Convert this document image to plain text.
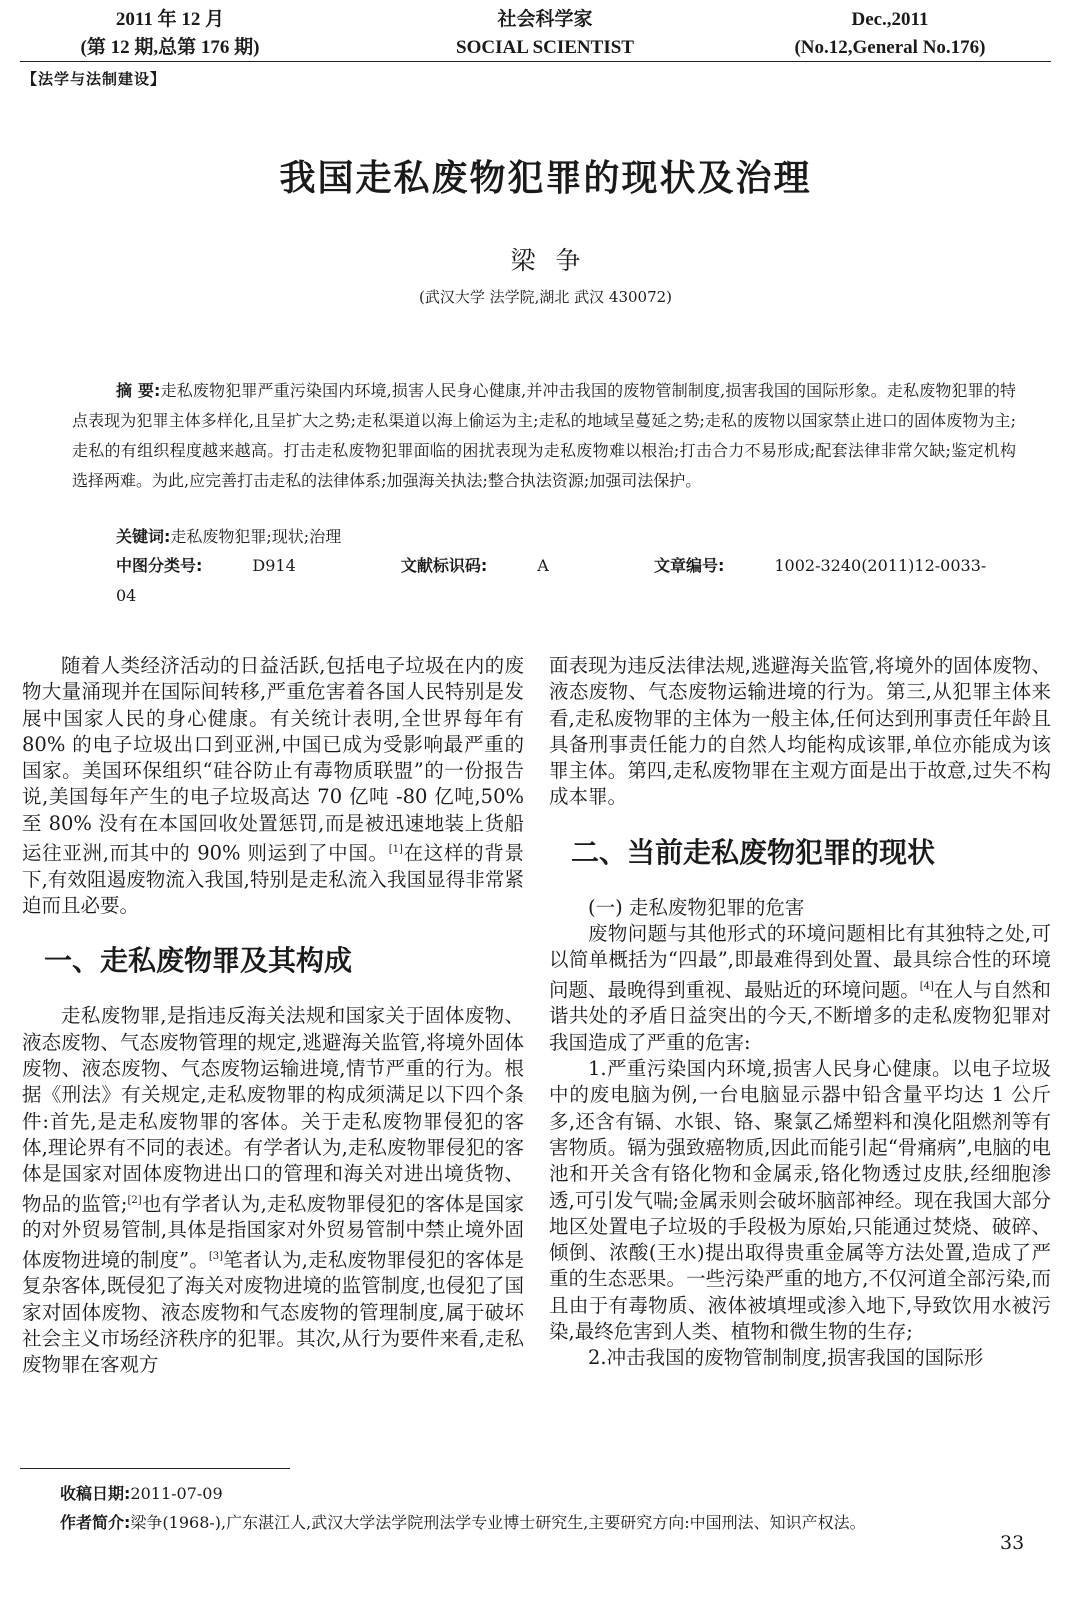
2011 年 12 月
(第 12 期,总第 176 期)
社会科学家
SOCIAL SCIENTIST
Dec.,2011
(No.12,General No.176)
【法学与法制建设】
我国走私废物犯罪的现状及治理
梁争
(武汉大学 法学院,湖北 武汉 430072)
摘 要:走私废物犯罪严重污染国内环境,损害人民身心健康,并冲击我国的废物管制制度,损害我国的国际形象。走私废物犯罪的特点表现为犯罪主体多样化,且呈扩大之势;走私渠道以海上偷运为主;走私的地域呈蔓延之势;走私的废物以国家禁止进口的固体废物为主;走私的有组织程度越来越高。打击走私废物犯罪面临的困扰表现为走私废物难以根治;打击合力不易形成;配套法律非常欠缺;鉴定机构选择两难。为此,应完善打击走私的法律体系;加强海关执法;整合执法资源;加强司法保护。
关键词:走私废物犯罪;现状;治理
中图分类号:	D914	文献标识码:	A	文章编号:	1002-3240(2011)12-0033-04

随着人类经济活动的日益活跃,包括电子垃圾在内的废物大量涌现并在国际间转移,严重危害着各国人民特别是发展中国家人民的身心健康。有关统计表明,全世界每年有 80% 的电子垃圾出口到亚洲,中国已成为受影响最严重的国家。美国环保组织“硅谷防止有毒物质联盟”的一份报告说,美国每年产生的电子垃圾高达 70 亿吨 -80 亿吨,50% 至 80% 没有在本国回收处置惩罚,而是被迅速地装上货船运往亚洲,而其中的 90% 则运到了中国。[1]在这样的背景下,有效阻遏废物流入我国,特别是走私流入我国显得非常紧迫而且必要。

一、走私废物罪及其构成

走私废物罪,是指违反海关法规和国家关于固体废物、液态废物、气态废物管理的规定,逃避海关监管,将境外固体废物、液态废物、气态废物运输进境,情节严重的行为。根据《刑法》有关规定,走私废物罪的构成须满足以下四个条件:首先,是走私废物罪的客体。关于走私废物罪侵犯的客体,理论界有不同的表述。有学者认为,走私废物罪侵犯的客体是国家对固体废物进出口的管理和海关对进出境货物、物品的监管;[2]也有学者认为,走私废物罪侵犯的客体是国家的对外贸易管制,具体是指国家对外贸易管制中禁止境外固体废物进境的制度”。[3]笔者认为,走私废物罪侵犯的客体是复杂客体,既侵犯了海关对废物进境的监管制度,也侵犯了国家对固体废物、液态废物和气态废物的管理制度,属于破坏社会主义市场经济秩序的犯罪。其次,从行为要件来看,走私废物罪在客观方

面表现为违反法律法规,逃避海关监管,将境外的固体废物、液态废物、气态废物运输进境的行为。第三,从犯罪主体来看,走私废物罪的主体为一般主体,任何达到刑事责任年龄且具备刑事责任能力的自然人均能构成该罪,单位亦能成为该罪主体。第四,走私废物罪在主观方面是出于故意,过失不构成本罪。

二、当前走私废物犯罪的现状

(一) 走私废物犯罪的危害

废物问题与其他形式的环境问题相比有其独特之处,可以简单概括为“四最”,即最难得到处置、最具综合性的环境问题、最晚得到重视、最贴近的环境问题。[4]在人与自然和谐共处的矛盾日益突出的今天,不断增多的走私废物犯罪对我国造成了严重的危害:

1.严重污染国内环境,损害人民身心健康。以电子垃圾中的废电脑为例,一台电脑显示器中铅含量平均达 1 公斤多,还含有镉、水银、铬、聚氯乙烯塑料和溴化阻燃剂等有害物质。镉为强致癌物质,因此而能引起“骨痛病”,电脑的电池和开关含有铬化物和金属汞,铬化物透过皮肤,经细胞渗透,可引发气喘;金属汞则会破坏脑部神经。现在我国大部分地区处置电子垃圾的手段极为原始,只能通过焚烧、破碎、倾倒、浓酸(王水)提出取得贵重金属等方法处置,造成了严重的生态恶果。一些污染严重的地方,不仅河道全部污染,而且由于有毒物质、液体被填埋或渗入地下,导致饮用水被污染,最终危害到人类、植物和微生物的生存;

2.冲击我国的废物管制制度,损害我国的国际形

收稿日期:2011-07-09
作者简介:梁争(1968-),广东湛江人,武汉大学法学院刑法学专业博士研究生,主要研究方向:中国刑法、知识产权法。
33
